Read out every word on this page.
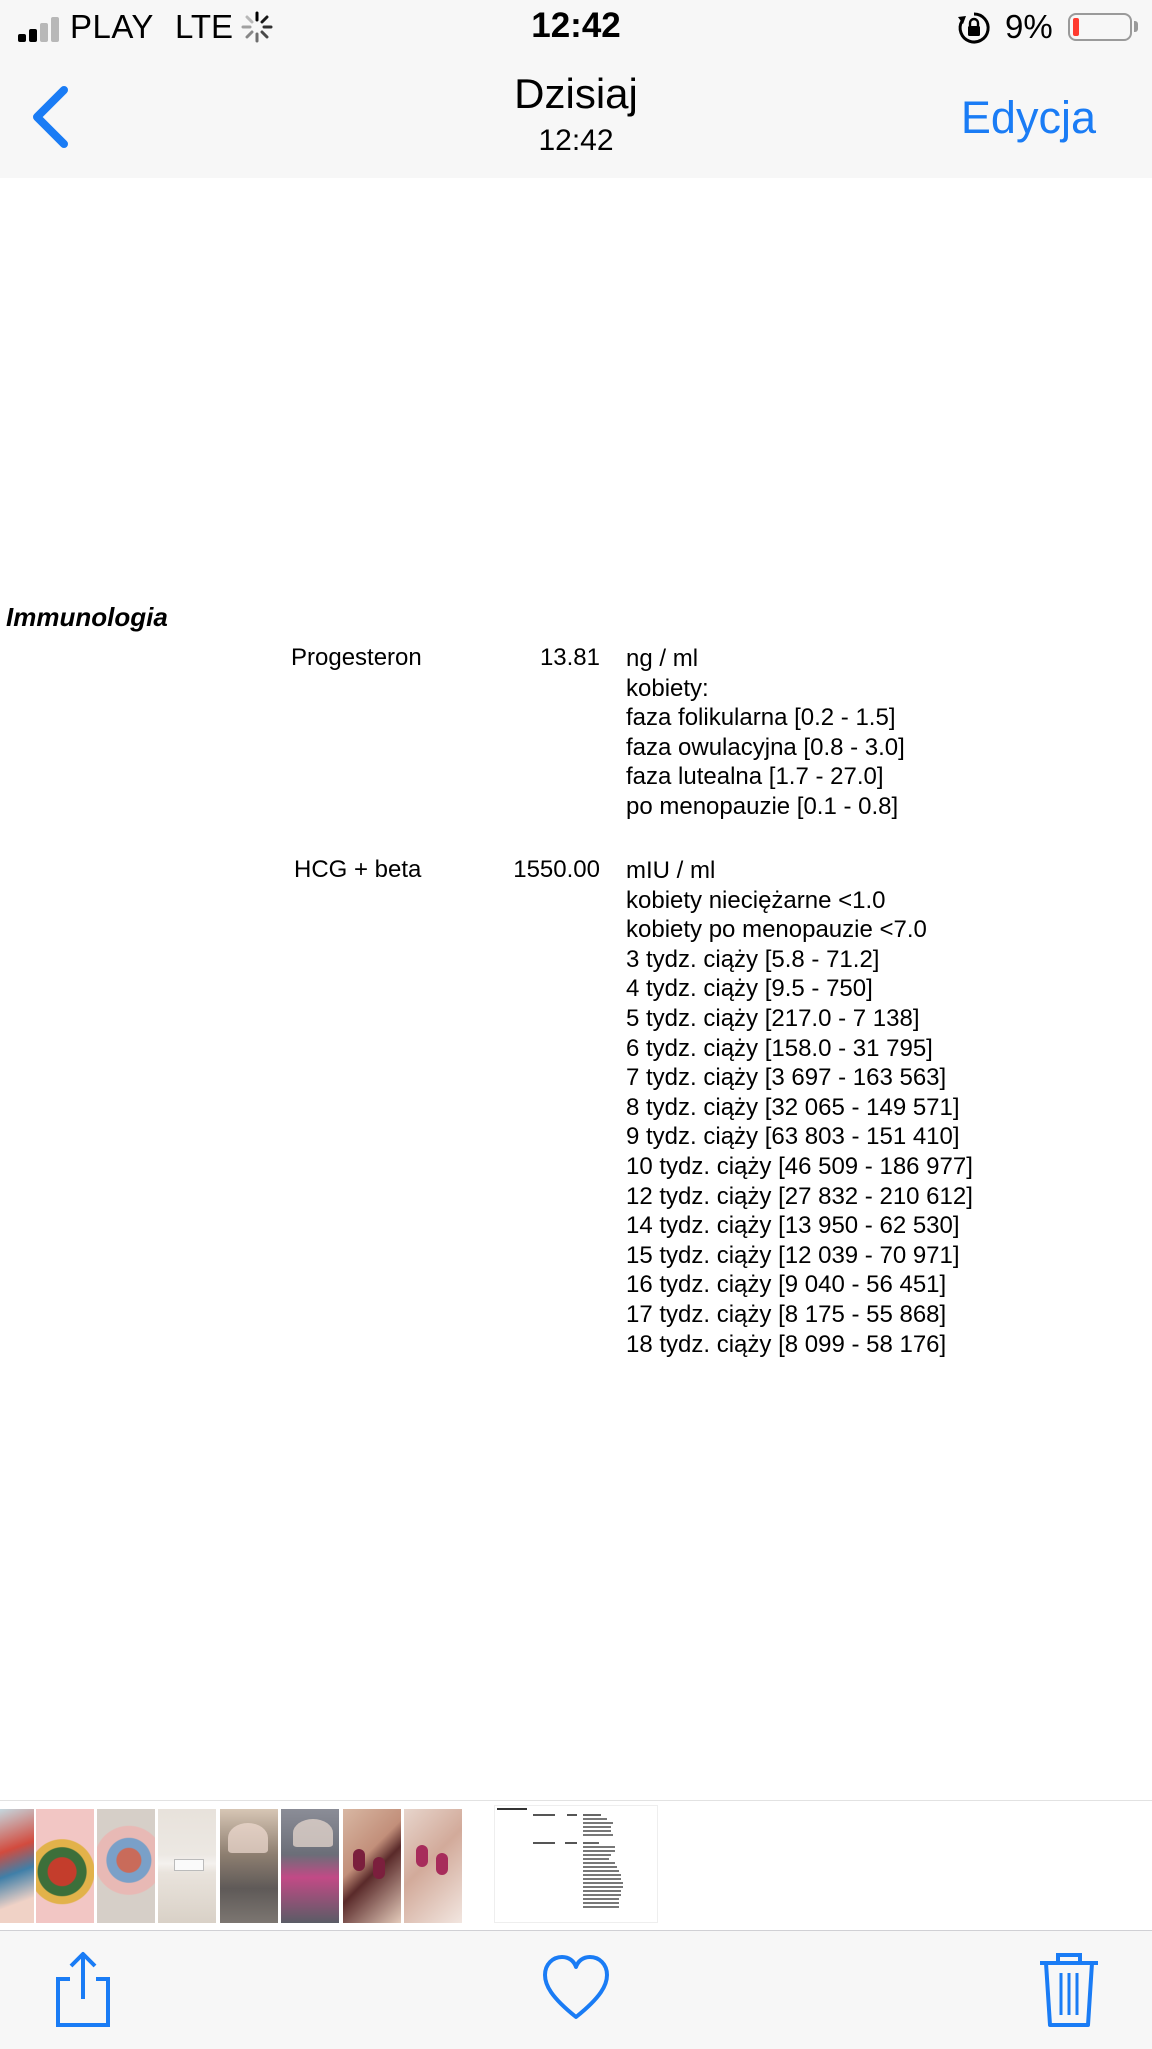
PLAY LTE	12:42	9%
Dzisiaj
12:42	Edycja
Immunologia
Progesteron	13.81 ng / ml
kobiety:
faza folikularna [0.2 - 1.5]
faza owulacyjna [0.8 - 3.0]
faza lutealna [1.7 - 27.0]
po menopauzie [0.1 - 0.8]
HCG + beta	1550.00 mIU / ml
kobiety nieciężarne <1.0
kobiety po menopauzie <7.0
3 tydz. ciąży [5.8 - 71.2]
4 tydz. ciąży [9.5 - 750]
5 tydz. ciąży [217.0 - 7 138]
6 tydz. ciąży [158.0 - 31 795]
7 tydz. ciąży [3 697 - 163 563]
8 tydz. ciąży [32 065 - 149 571]
9 tydz. ciąży [63 803 - 151 410]
10 tydz. ciąży [46 509 - 186 977]
12 tydz. ciąży [27 832 - 210 612]
14 tydz. ciąży [13 950 - 62 530]
15 tydz. ciąży [12 039 - 70 971]
16 tydz. ciąży [9 040 - 56 451]
17 tydz. ciąży [8 175 - 55 868]
18 tydz. ciąży [8 099 - 58 176]
